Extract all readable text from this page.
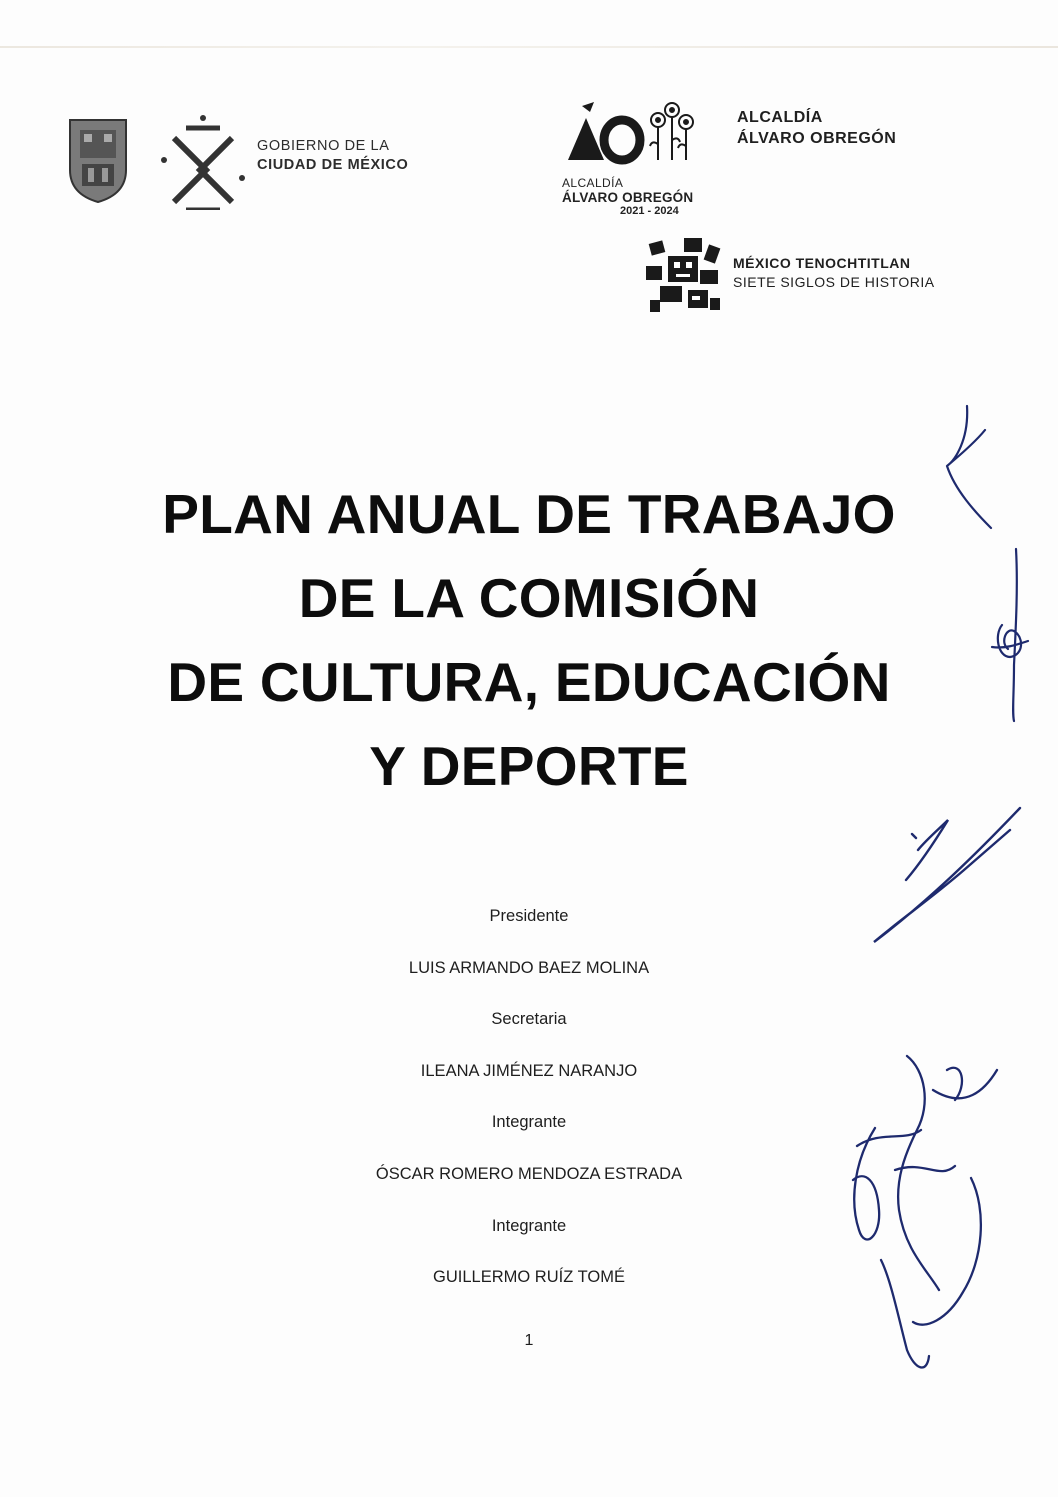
GOBIERNO DE LA
CIUDAD DE MÉXICO
ALCALDÍA
ÁLVARO OBREGÓN
2021 - 2024
ALCALDÍA
ÁLVARO OBREGÓN
MÉXICO TENOCHTITLAN
SIETE SIGLOS DE HISTORIA
PLAN ANUAL DE TRABAJO
DE LA COMISIÓN
DE CULTURA, EDUCACIÓN
Y DEPORTE
Presidente
LUIS ARMANDO BAEZ MOLINA
Secretaria
ILEANA JIMÉNEZ NARANJO
Integrante
ÓSCAR ROMERO MENDOZA ESTRADA
Integrante
GUILLERMO RUÍZ TOMÉ
1
